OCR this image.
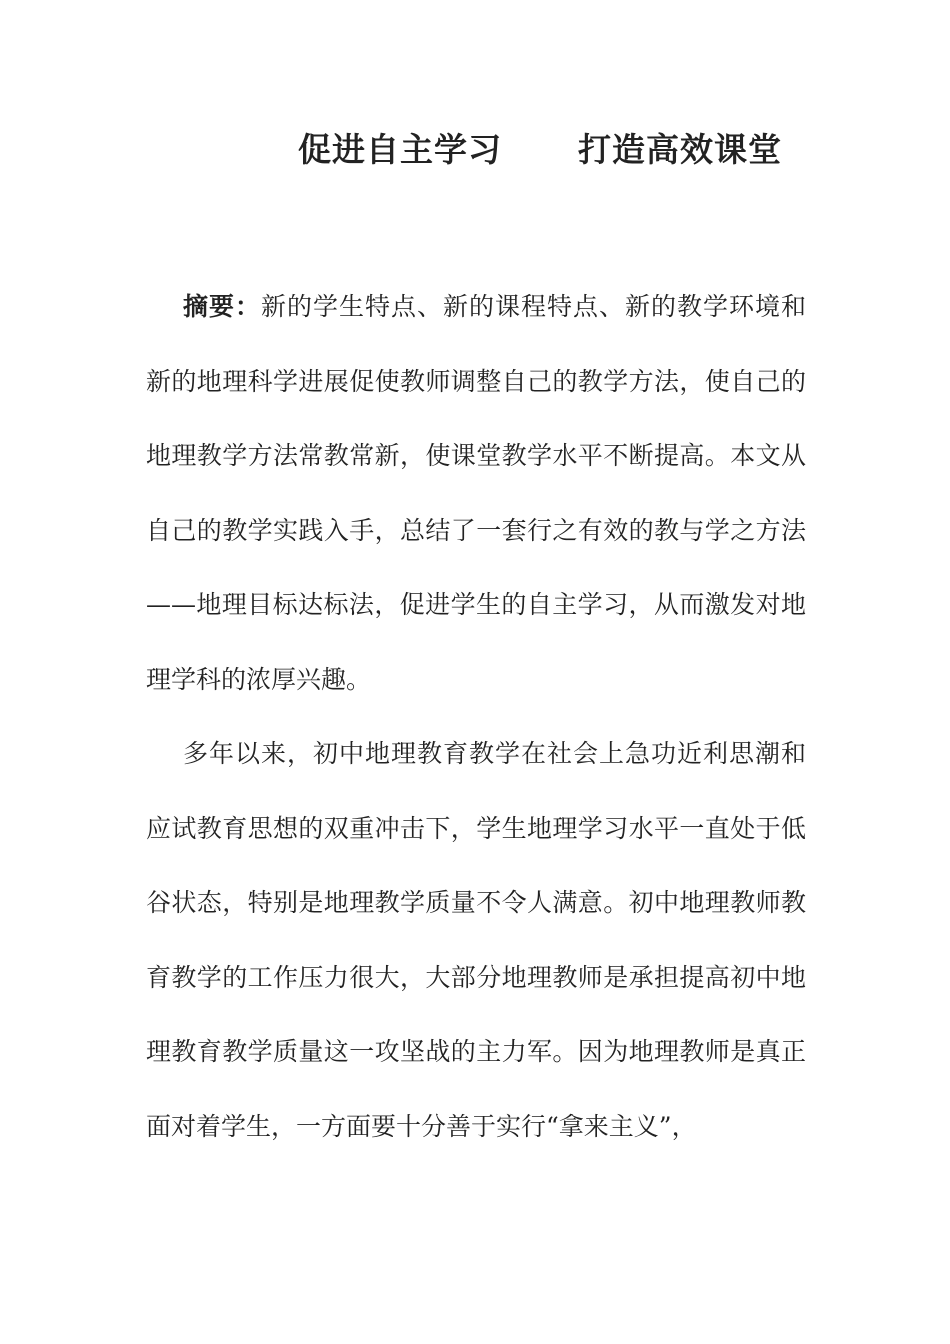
促进自主学习 打造高效课堂

摘要：新的学生特点、新的课程特点、新的教学环境和新的地理科学进展促使教师调整自己的教学方法，使自己的地理教学方法常教常新，使课堂教学水平不断提高。本文从自己的教学实践入手，总结了一套行之有效的教与学之方法 ——地理目标达标法，促进学生的自主学习，从而激发对地理学科的浓厚兴趣。

多年以来，初中地理教育教学在社会上急功近利思潮和应试教育思想的双重冲击下，学生地理学习水平一直处于低谷状态，特别是地理教学质量不令人满意。初中地理教师教育教学的工作压力很大，大部分地理教师是承担提高初中地理教育教学质量这一攻坚战的主力军。因为地理教师是真正面对着学生，一方面要十分善于实行“拿来主义”，
